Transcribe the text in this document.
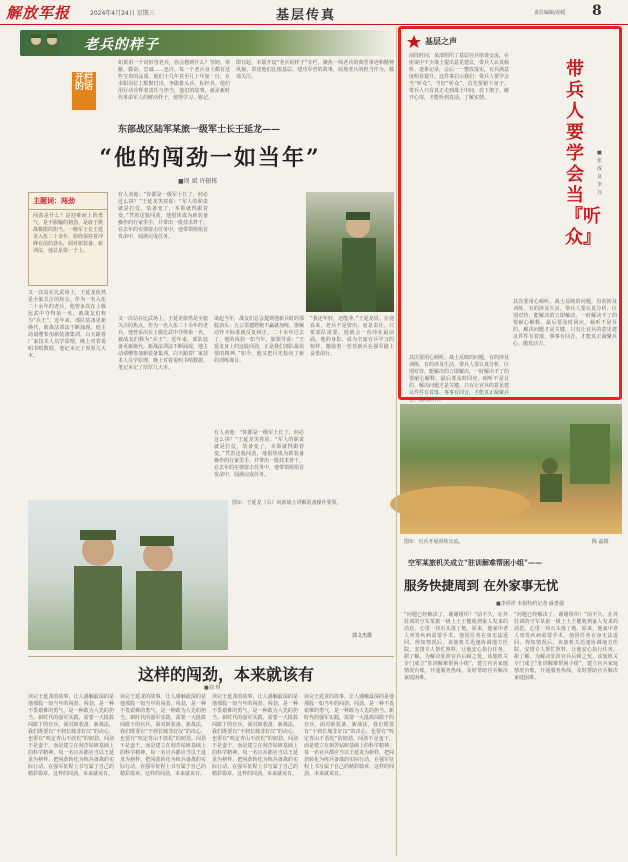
解放军报	2024年4月24日 星期三	基层传真	责任编辑/胡缆 8
老兵的样子
开栏的话
如果用一个词形容老兵，你会想到什么？坚韧、奉献、勤奋、忠诚……也许，每一个老兵身上都有这些宝贵的品质。他们十几年甚至几十年如一日，在本职岗位上默默付出，争做排头兵、标杆兵。他们用行动诠释着责任与担当，他们的故事，就是新时代革命军人的鲜活样子，值得学习、铭记。
即日起，本版开设“老兵的样子”专栏，聚焦一线老兵的典型事迹和精神风貌，讲述他们扎根基层、建功军营的故事，展现老兵的担当作为，敬请关注。
东部战区陆军某旅一级军士长王延龙——
“他的闯劲一如当年”
■周 斌 许振栋
主题词：闯劲
闯劲是什么？是迎难而上的勇气，是不服输的韧劲，是敢于挑战极限的担当。一级军士长王延龙入伍二十余年，始终保持着冲锋在前的劲头，面对新装备、新训法，他总是第一个上。
又一次站在比武场上，王延龙依然是全旅关注的焦点。作为一名入伍二十余年的老兵，他曾多次在上级比武中夺得第一名，被战友们称为“兵王”。近年来，部队装备更新换代，新战法训法不断涌现，他主动请缨参加新装备集训，白天跟着厂家技术人员学原理，晚上对着说明书啃数据，笔记本记了厚厚几大本。
有人劝他：“你都是一级军士长了，何必这么拼？”王延龙笑着说：“军人的职责就是打仗，装备变了，本领就得跟着变。”凭着这股闯劲，他很快成为新装备操作的行家里手，并带出一批技术骨干。在去年的实弹射击任务中，他带领班组首发命中，圆满完成任务。
谈起当年，战友们总会提到他新兵时的那股劲头：五公里越野跑不赢就加练，器械动作不标准就反复纠正。二十余年过去了，他的闯劲一如当年。旅领导说：“王延龙身上的这股闯劲，正是我们部队最需要的精神。”如今，他又把目光投向了新的训练课目。
“我还年轻，还能冲。”王延龙说。在他看来，老兵不是资历，而是责任。只要部队需要，他就会一直冲在最前面。他的身影，成为全旅官兵学习的榜样，激励着一茬茬新兵在强军路上奋勇前行。
又一次站在比武场上，王延龙依然是全旅关注的焦点。作为一名入伍二十余年的老兵，他曾多次在上级比武中夺得第一名，被战友们称为“兵王”。近年来，部队装备更新换代，新战法训法不断涌现，他主动请缨参加新装备集训，白天跟着厂家技术人员学原理，晚上对着说明书啃数据，笔记本记了厚厚几大本。
有人劝他：“你都是一级军士长了，何必这么拼？”王延龙笑着说：“军人的职责就是打仗，装备变了，本领就得跟着变。”凭着这股闯劲，他很快成为新装备操作的行家里手，并带出一批技术骨干。在去年的实弹射击任务中，他带领班组首发命中，圆满完成任务。
图①：王延龙（右）向新战士讲解装备操作要领。
郭文杰摄
基层之声
前段时间，某部组织了基层官兵座谈交流。在座谈中不少战士提出意见建议，带兵人认真倾听、逐条记录，会后一一整改落实，官兵满意度明显提升。这件事启示我们：带兵人要学会当“听众”。当好“听众”，首先要俯下身子。带兵人只有真正走到战士中间，放下架子、敞开心扉，才能听到真话、了解实情。
带兵人要学会当『听众』
■ 张成良 李 兴
其次要用心倾听。战士反映的问题，有的涉及训练，有的涉及生活，带兵人要认真分析、区别对待，能解决的立即解决，一时解决不了的要耐心解释。最后要及时回应。倾听不是目的，解决问题才是关键。只有让官兵的意见建议件件有着落、事事有回音，才能真正凝聚兵心、激发活力。
其次要用心倾听。战士反映的问题，有的涉及训练，有的涉及生活，带兵人要认真分析、区别对待，能解决的立即解决，一时解决不了的要耐心解释。最后要及时回应。倾听不是目的，解决问题才是关键。只有让官兵的意见建议件件有着落、事事有回音，才能真正凝聚兵心、激发活力。
图②：官兵开展训练交流。	陈 磊摄
空军某旅机关成立“驻训解难帮困小组”——
服务快捷周到 在外家事无忧
■李祥祥 本报特约记者 戚勇强
“问题已经解决了，谢谢组织！”前不久，在外驻训的空军某旅一级上士王健收到家人发来的消息，心里一块石头落了地。原来，他家中老人突发疾病需要手术，他因任务在身无法返回。得知情况后，该旅机关迅速协调地方医院，安排专人帮忙照料，让他安心执行任务。据了解，为解决驻训官兵后顾之忧，该旅机关专门成立“驻训解难帮困小组”，建立官兵家庭情况台账，开通服务热线，及时帮助官兵解决家庭困难。
“问题已经解决了，谢谢组织！”前不久，在外驻训的空军某旅一级上士王健收到家人发来的消息，心里一块石头落了地。原来，他家中老人突发疾病需要手术，他因任务在身无法返回。得知情况后，该旅机关迅速协调地方医院，安排专人帮忙照料，让他安心执行任务。据了解，为解决驻训官兵后顾之忧，该旅机关专门成立“驻训解难帮困小组”，建立官兵家庭情况台账，开通服务热线，及时帮助官兵解决家庭困难。
这样的闯劲，本来就该有
■刘 琪
读完王延龙的故事，让人感触最深的是他那股一如当年的闯劲。闯劲，是一种不畏艰难的勇气，是一种敢为人先的担当。新时代的强军实践，需要一大批敢闯敢干的官兵。面对新装备、新战法，我们既要有“不到长城非好汉”的决心，也要有“咬定青山不放松”的韧劲。闯劲不是蛮干，而是建立在刻苦钻研基础上的科学精神。每一名官兵都应当以王延龙为榜样，把闯劲转化为练兵备战的实际行动，在强军征程上书写属于自己的精彩篇章。这样的闯劲，本来就该有。
读完王延龙的故事，让人感触最深的是他那股一如当年的闯劲。闯劲，是一种不畏艰难的勇气，是一种敢为人先的担当。新时代的强军实践，需要一大批敢闯敢干的官兵。面对新装备、新战法，我们既要有“不到长城非好汉”的决心，也要有“咬定青山不放松”的韧劲。闯劲不是蛮干，而是建立在刻苦钻研基础上的科学精神。每一名官兵都应当以王延龙为榜样，把闯劲转化为练兵备战的实际行动，在强军征程上书写属于自己的精彩篇章。这样的闯劲，本来就该有。
读完王延龙的故事，让人感触最深的是他那股一如当年的闯劲。闯劲，是一种不畏艰难的勇气，是一种敢为人先的担当。新时代的强军实践，需要一大批敢闯敢干的官兵。面对新装备、新战法，我们既要有“不到长城非好汉”的决心，也要有“咬定青山不放松”的韧劲。闯劲不是蛮干，而是建立在刻苦钻研基础上的科学精神。每一名官兵都应当以王延龙为榜样，把闯劲转化为练兵备战的实际行动，在强军征程上书写属于自己的精彩篇章。这样的闯劲，本来就该有。
读完王延龙的故事，让人感触最深的是他那股一如当年的闯劲。闯劲，是一种不畏艰难的勇气，是一种敢为人先的担当。新时代的强军实践，需要一大批敢闯敢干的官兵。面对新装备、新战法，我们既要有“不到长城非好汉”的决心，也要有“咬定青山不放松”的韧劲。闯劲不是蛮干，而是建立在刻苦钻研基础上的科学精神。每一名官兵都应当以王延龙为榜样，把闯劲转化为练兵备战的实际行动，在强军征程上书写属于自己的精彩篇章。这样的闯劲，本来就该有。
